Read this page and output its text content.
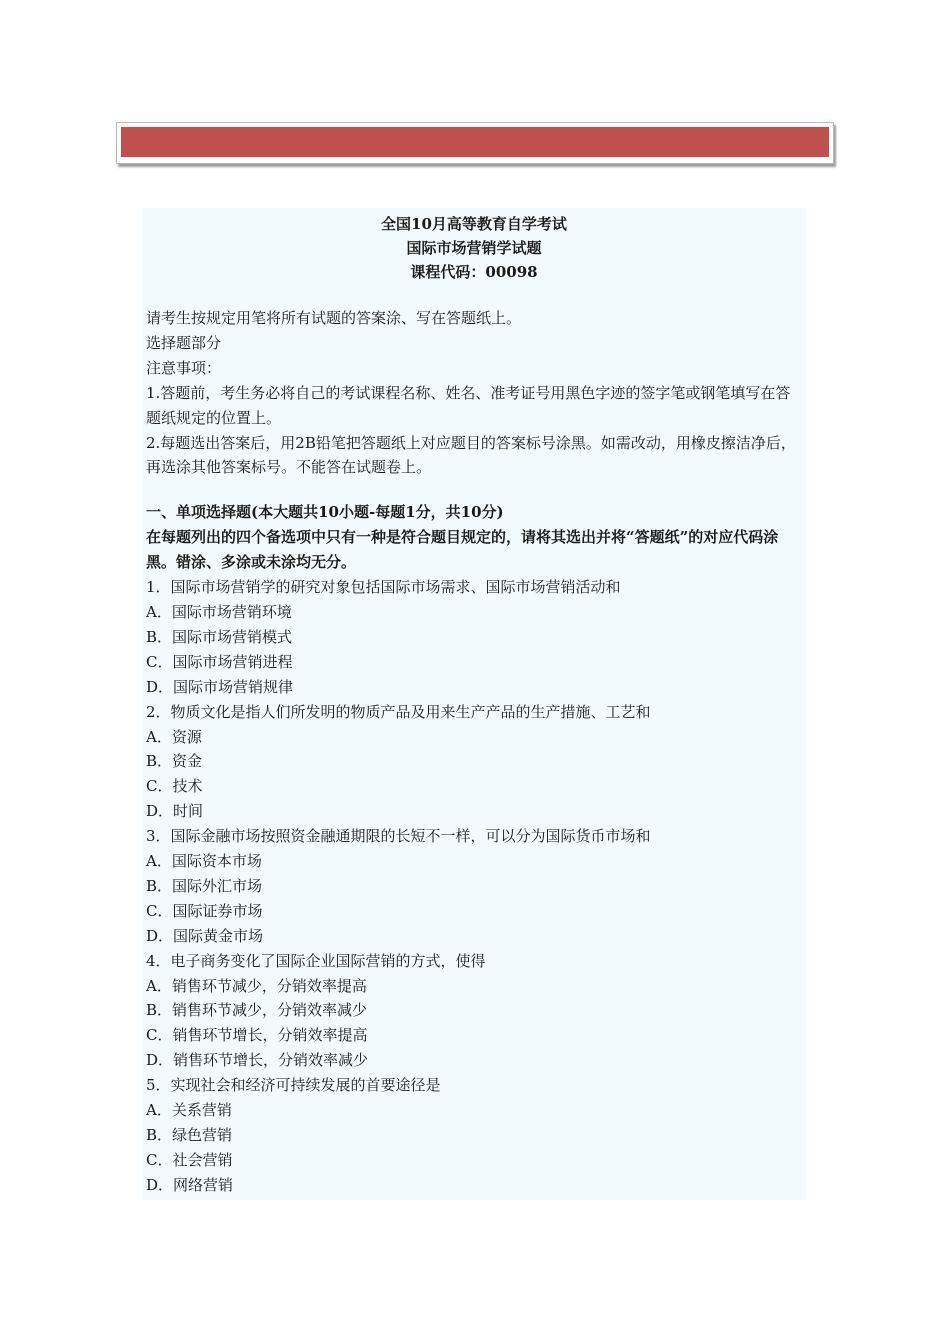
全国10月高等教育自学考试
国际市场营销学试题
课程代码：00098

请考生按规定用笔将所有试题的答案涂、写在答题纸上。

选择题部分

注意事项：

1.答题前，考生务必将自己的考试课程名称、姓名、准考证号用黑色字迹的签字笔或钢笔填写在答题纸规定的位置上。

2.每题选出答案后，用2B铅笔把答题纸上对应题目的答案标号涂黑。如需改动，用橡皮擦洁净后，再选涂其他答案标号。不能答在试题卷上。

一、单项选择题(本大题共10小题-每题1分，共10分)

在每题列出的四个备选项中只有一种是符合题目规定的，请将其选出并将“答题纸”的对应代码涂黑。错涂、多涂或未涂均无分。

1．国际市场营销学的研究对象包括国际市场需求、国际市场营销活动和

A．国际市场营销环境

B．国际市场营销模式

C．国际市场营销进程

D．国际市场营销规律

2．物质文化是指人们所发明的物质产品及用来生产产品的生产措施、工艺和

A．资源

B．资金

C．技术

D．时间

3．国际金融市场按照资金融通期限的长短不一样，可以分为国际货币市场和

A．国际资本市场

B．国际外汇市场

C．国际证券市场

D．国际黄金市场

4．电子商务变化了国际企业国际营销的方式，使得

A．销售环节减少，分销效率提高

B．销售环节减少，分销效率减少

C．销售环节增长，分销效率提高

D．销售环节增长，分销效率减少

5．实现社会和经济可持续发展的首要途径是

A．关系营销

B．绿色营销

C．社会营销

D．网络营销
